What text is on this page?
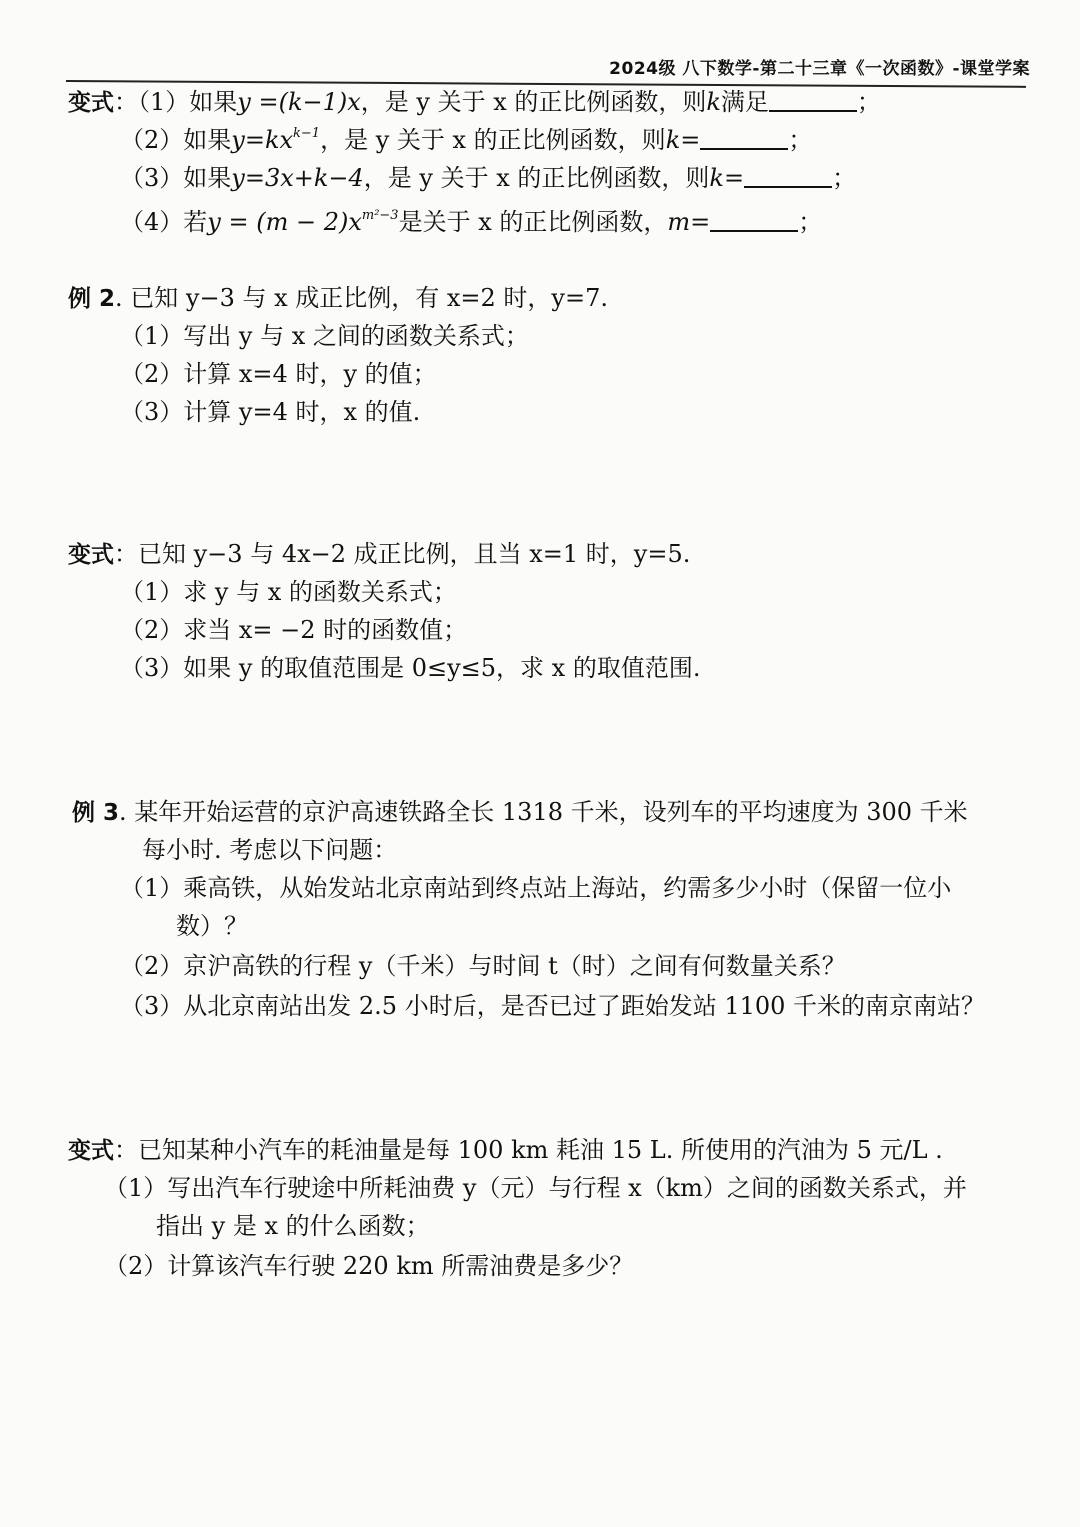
2024级 八下数学-第二十三章《一次函数》-课堂学案
变式：（1）如果y =(k−1)x，是 y 关于 x 的正比例函数，则k满足	；
（2）如果$y=kx^{k-1}$，是 y 关于 x 的正比例函数，则k=	；
（3）如果y=3x+k−4，是 y 关于 x 的正比例函数，则k=	；
（4）若$y = (m - 2)x^{m^2-3}$是关于 x 的正比例函数，m=	；
例 2. 已知 y−3 与 x 成正比例，有 x=2 时，y=7.
（1）写出 y 与 x 之间的函数关系式；
（2）计算 x=4 时，y 的值；
（3）计算 y=4 时，x 的值.
变式：已知 y−3 与 4x−2 成正比例，且当 x=1 时，y=5.
（1）求 y 与 x 的函数关系式；
（2）求当 x= −2 时的函数值；
（3）如果 y 的取值范围是 0≤y≤5，求 x 的取值范围.
例 3. 某年开始运营的京沪高速铁路全长 1318 千米，设列车的平均速度为 300 千米
每小时. 考虑以下问题：
（1）乘高铁，从始发站北京南站到终点站上海站，约需多少小时（保留一位小
数）？
（2）京沪高铁的行程 y（千米）与时间 t（时）之间有何数量关系？
（3）从北京南站出发 2.5 小时后，是否已过了距始发站 1100 千米的南京南站？
变式：已知某种小汽车的耗油量是每 100 km 耗油 15 L. 所使用的汽油为 5 元/L .
（1）写出汽车行驶途中所耗油费 y（元）与行程 x（km）之间的函数关系式，并
指出 y 是 x 的什么函数；
（2）计算该汽车行驶 220 km 所需油费是多少？
